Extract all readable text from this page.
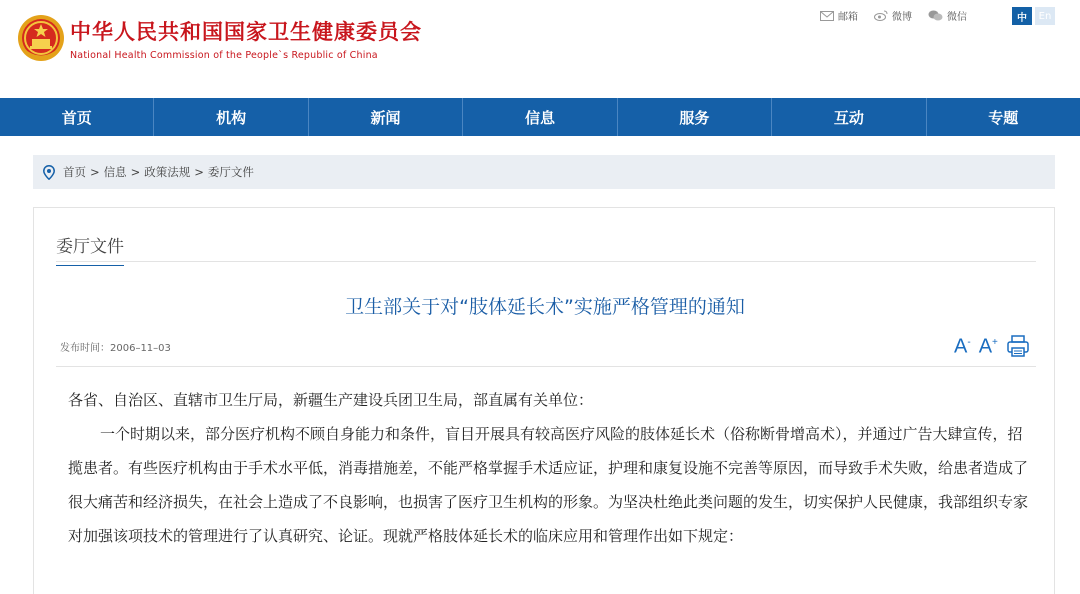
中华人民共和国国家卫生健康委员会
National Health Commission of the People`s Republic of China
邮箱	微博	微信	中	En
首页	机构	新闻	信息	服务	互动	专题
首页 > 信息 > 政策法规 > 委厅文件
委厅文件
卫生部关于对“肢体延长术”实施严格管理的通知
发布时间：2006–11–03	A- A+

各省、自治区、直辖市卫生厅局，新疆生产建设兵团卫生局，部直属有关单位：

一个时期以来，部分医疗机构不顾自身能力和条件，盲目开展具有较高医疗风险的肢体延长术（俗称断骨增高术），并通过广告大肆宣传，招揽患者。有些医疗机构由于手术水平低，消毒措施差，不能严格掌握手术适应证，护理和康复设施不完善等原因，而导致手术失败，给患者造成了很大痛苦和经济损失，在社会上造成了不良影响，也损害了医疗卫生机构的形象。为坚决杜绝此类问题的发生，切实保护人民健康，我部组织专家对加强该项技术的管理进行了认真研究、论证。现就严格肢体延长术的临床应用和管理作出如下规定：
